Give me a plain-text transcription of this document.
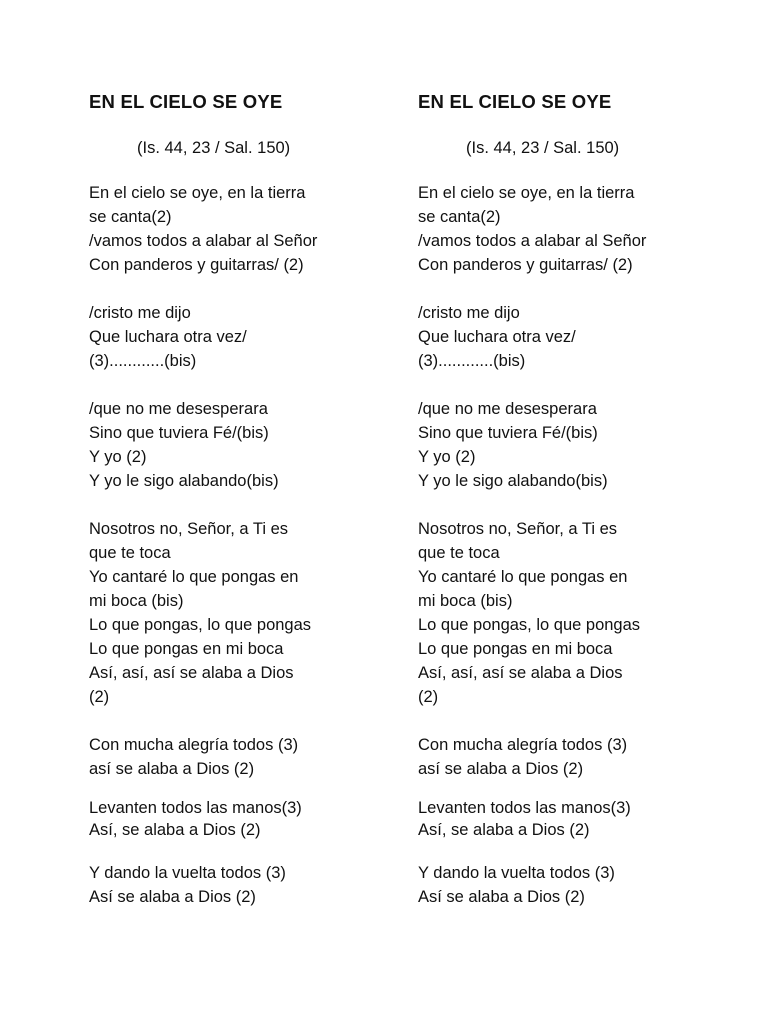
EN EL CIELO SE OYE

(Is. 44, 23 / Sal. 150)

En el cielo se oye, en la tierra

se canta(2)

/vamos todos a alabar al Señor

Con panderos y guitarras/ (2)

/cristo me dijo

Que luchara otra vez/

(3)............(bis)

/que no me desesperara

Sino que tuviera Fé/(bis)

Y yo (2)

Y yo le sigo alabando(bis)

Nosotros no, Señor, a Ti es

que te toca

Yo cantaré lo que pongas en

mi boca (bis)

Lo que pongas, lo que pongas

Lo que pongas en mi boca

Así, así, así se alaba a Dios

(2)

Con mucha alegría todos (3)

así se alaba a Dios (2)

Levanten todos las manos(3)

Así, se alaba a Dios (2)

Y dando la vuelta todos (3)

Así se alaba a Dios (2)

EN EL CIELO SE OYE

(Is. 44, 23 / Sal. 150)

En el cielo se oye, en la tierra

se canta(2)

/vamos todos a alabar al Señor

Con panderos y guitarras/ (2)

/cristo me dijo

Que luchara otra vez/

(3)............(bis)

/que no me desesperara

Sino que tuviera Fé/(bis)

Y yo (2)

Y yo le sigo alabando(bis)

Nosotros no, Señor, a Ti es

que te toca

Yo cantaré lo que pongas en

mi boca (bis)

Lo que pongas, lo que pongas

Lo que pongas en mi boca

Así, así, así se alaba a Dios

(2)

Con mucha alegría todos (3)

así se alaba a Dios (2)

Levanten todos las manos(3)

Así, se alaba a Dios (2)

Y dando la vuelta todos (3)

Así se alaba a Dios (2)
